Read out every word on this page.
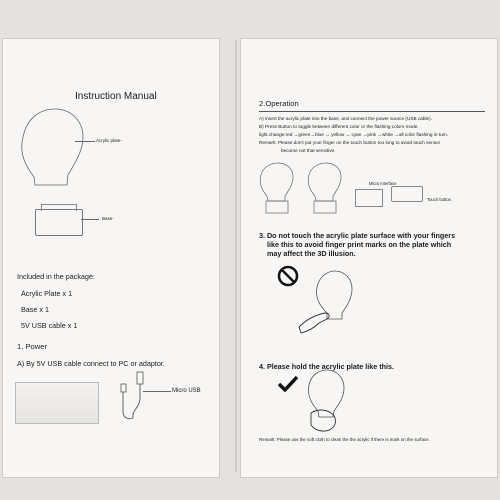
Instruction Manual
Acrylic plate-
Base-
Included in the package:
Acrylic Plate x 1
Base x 1
5V USB cable x 1
1. Power
A) By 5V USB cable connect to PC or adaptor.
Micro USB
2.Operation
A) Insert the acrylic plate into the base, and connect the power source (USB cable).
B) Press Button to toggle between different color or the flashing colors mode.
light change:red →green→blue → yellow → cyan →pink →white →all color flashing in turn.
Remark: Please don't put your finger on the touch button too long to avoid touch sensor
become not that sensitive.
Micro interface
Touch button
3. Do not touch the acrylic plate surface with your fingers
like this to avoid finger print marks on the plate which
may affect the 3D illusion.
4. Please hold the acrylic plate like this.
Remark: Please use the soft cloth to clean the the acrylic if there is mark on the surface.
